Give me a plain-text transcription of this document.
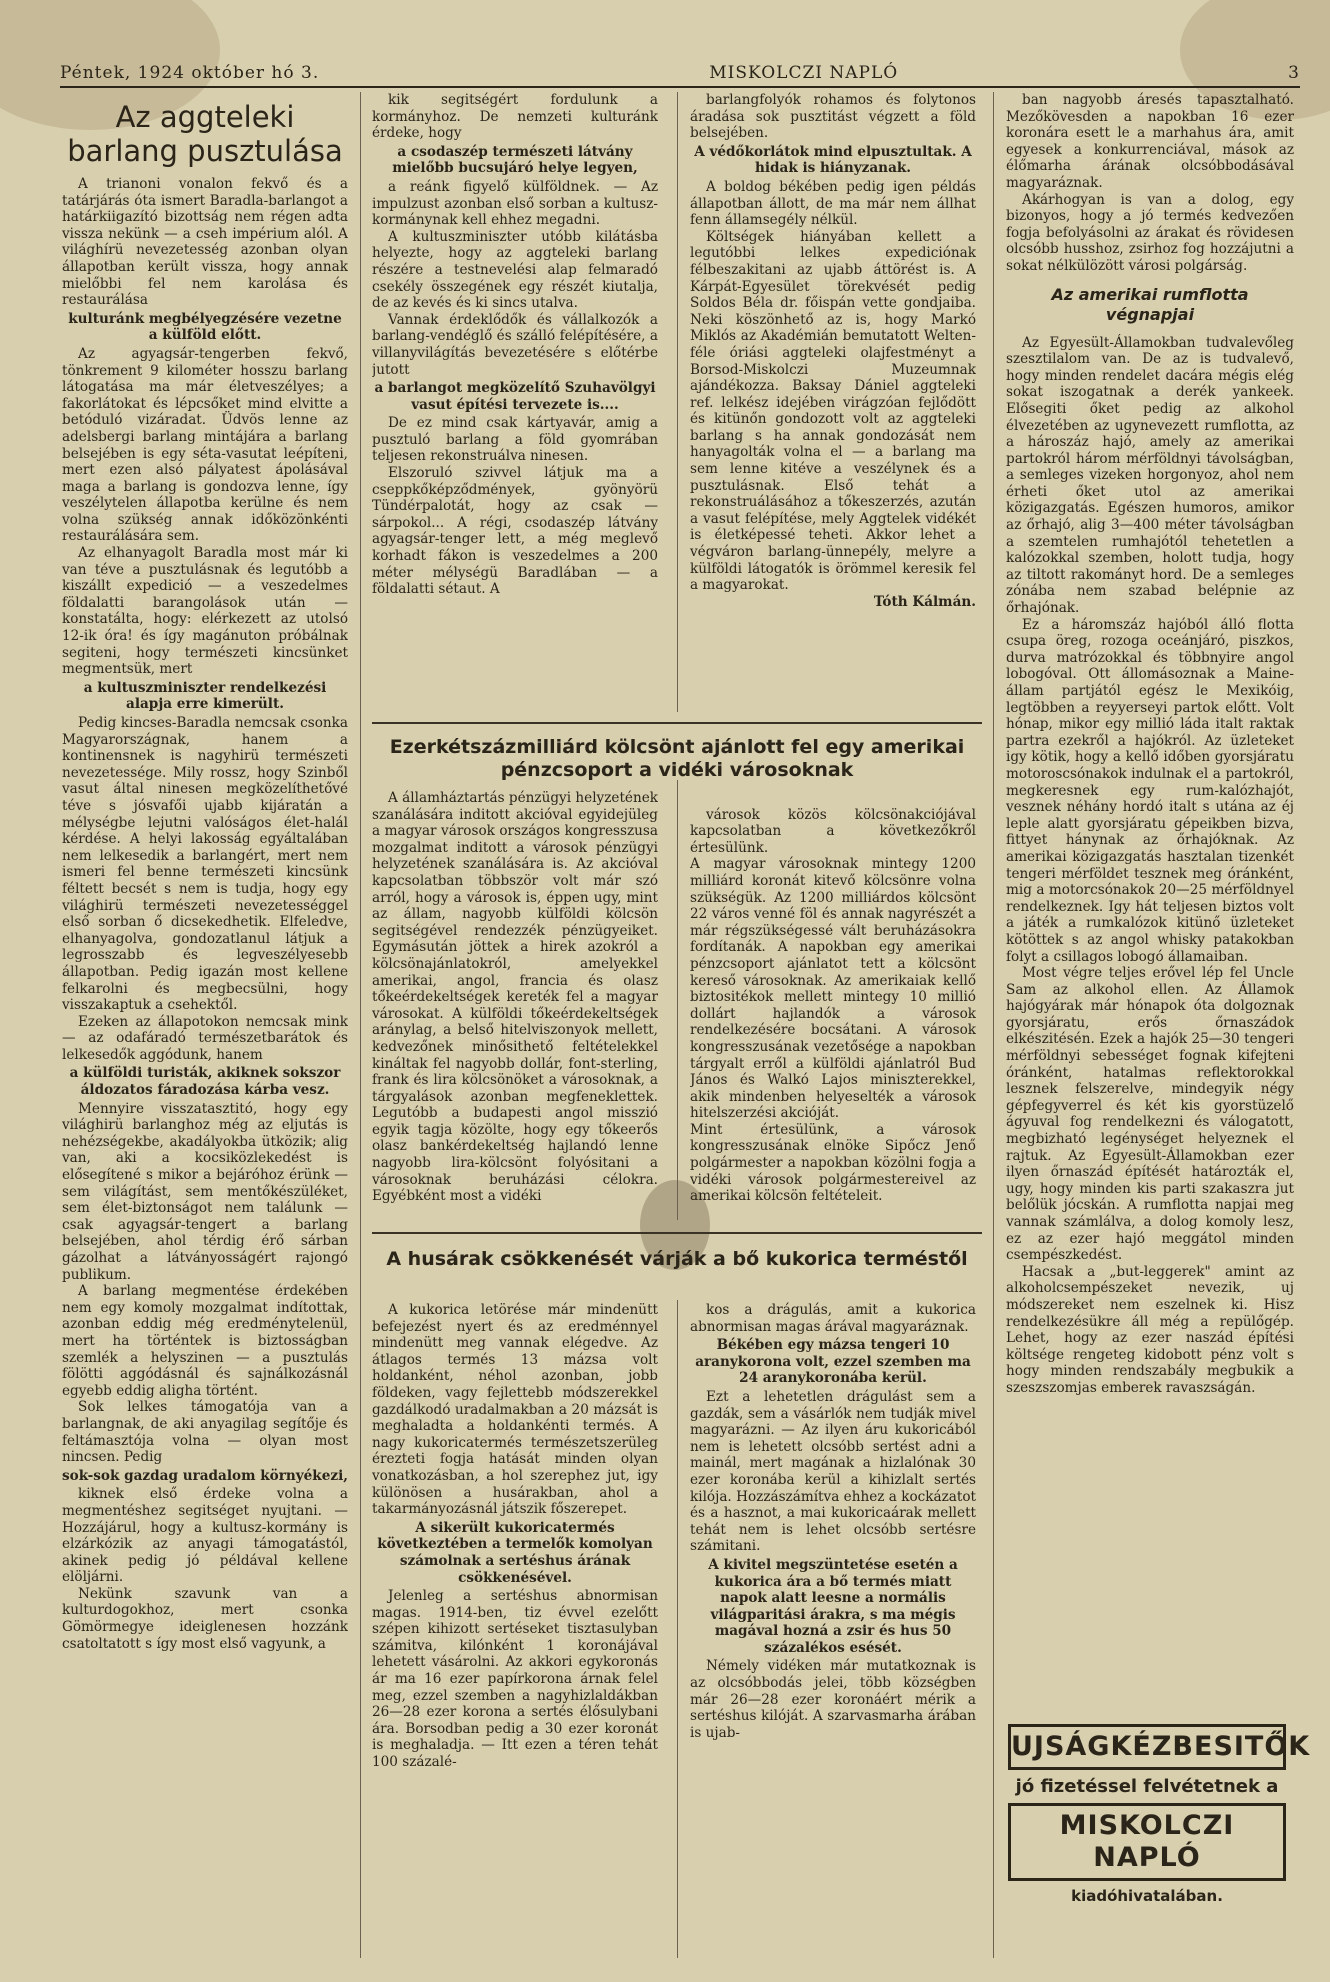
Péntek, 1924 október hó 3.	MISKOLCZI NAPLÓ	3
Az aggteleki barlang pusztulása

A trianoni vonalon fekvő és a tatárjárás óta ismert Baradla-barlangot a határkiigazító bizottság nem régen adta vissza nekünk — a cseh impérium alól. A világhírü nevezetesség azonban olyan állapotban került vissza, hogy annak mielőbbi fel nem karolása és restaurálása

kulturánk megbélyegzésére vezetne a külföld előtt.

Az agyagsár-tengerben fekvő, tönkrement 9 kilométer hosszu barlang látogatása ma már életveszélyes; a fakorlátokat és lépcsőket mind elvitte a betóduló vizáradat. Üdvös lenne az adelsbergi barlang mintájára a barlang belsejében is egy séta-vasutat leépíteni, mert ezen alsó pályatest ápolásával maga a barlang is gondozva lenne, így veszélytelen állapotba kerülne és nem volna szükség annak időközönkénti restaurálására sem.

Az elhanyagolt Baradla most már ki van téve a pusztulásnak és legutóbb a kiszállt expedició — a veszedelmes földalatti barangolások után — konstatálta, hogy: elérkezett az utolsó 12-ik óra! és így magánuton próbálnak segiteni, hogy természeti kincsünket megmentsük, mert

a kultuszminiszter rendelkezési alapja erre kimerült.

Pedig kincses-Baradla nemcsak csonka Magyarországnak, hanem a kontinensnek is nagyhirü természeti nevezetessége. Mily rossz, hogy Szinből vasut által ninesen megközelíthetővé téve s jósvafői ujabb kijáratán a mélységbe lejutni valóságos élet-halál kérdése. A helyi lakosság egyáltalában nem lelkesedik a barlangért, mert nem ismeri fel benne természeti kincsünk féltett becsét s nem is tudja, hogy egy világhirü természeti nevezetességgel első sorban ő dicsekedhetik. Elfeledve, elhanyagolva, gondozatlanul látjuk a legrosszabb és legveszélyesebb állapotban. Pedig igazán most kellene felkarolni és megbecsülni, hogy visszakaptuk a csehektől.

Ezeken az állapotokon nemcsak mink — az odafáradó természetbarátok és lelkesedők aggódunk, hanem

a külföldi turisták, akiknek sokszor áldozatos fáradozása kárba vesz.

Mennyire visszatasztitó, hogy egy világhirü barlanghoz még az eljutás is nehézségekbe, akadályokba ütközik; alig van, aki a kocsiközlekedést is elősegítené s mikor a bejáróhoz érünk — sem világítást, sem mentőkészüléket, sem élet-biztonságot nem találunk — csak agyagsár-tengert a barlang belsejében, ahol térdig érő sárban gázolhat a látványosságért rajongó publikum.

A barlang megmentése érdekében nem egy komoly mozgalmat indítottak, azonban eddig még eredménytelenül, mert ha történtek is biztosságban szemlék a helyszinen — a pusztulás fölötti aggódásnál és sajnálkozásnál egyebb eddig aligha történt.

Sok lelkes támogatója van a barlangnak, de aki anyagilag segítője és feltámasztója volna — olyan most nincsen. Pedig

sok-sok gazdag uradalom környékezi,

kiknek első érdeke volna a megmentéshez segitséget nyujtani. — Hozzájárul, hogy a kultusz-kormány is elzárkózik az anyagi támogatástól, akinek pedig jó példával kellene elöljárni.

Nekünk szavunk van a kulturdogokhoz, mert csonka Gömörmegye ideiglenesen hozzánk csatoltatott s így most első vagyunk, a

kik segitségért fordulunk a kormányhoz. De nemzeti kulturánk érdeke, hogy

a csodaszép természeti látvány mielőbb bucsujáró helye legyen,

a reánk figyelő külföldnek. — Az impulzust azonban első sorban a kultusz-kormánynak kell ehhez megadni.

A kultuszminiszter utóbb kilátásba helyezte, hogy az aggteleki barlang részére a testnevelési alap felmaradó csekély összegének egy részét kiutalja, de az kevés és ki sincs utalva.

Vannak érdeklődők és vállalkozók a barlang-vendéglő és szálló felépítésére, a villanyvilágítás bevezetésére s előtérbe jutott

a barlangot megközelítő Szuhavölgyi vasut építési tervezete is....

De ez mind csak kártyavár, amig a pusztuló barlang a föld gyomrában teljesen rekonstruálva ninesen.

Elszoruló szivvel látjuk ma a cseppkőképződmények, gyönyörü Tündérpalotát, hogy az csak — sárpokol... A régi, csodaszép látvány agyagsár-tenger lett, a még meglevő korhadt fákon is veszedelmes a 200 méter mélységü Baradlában — a földalatti sétaut. A

barlangfolyók rohamos és folytonos áradása sok pusztitást végzett a föld belsejében.

A védőkorlátok mind elpusztultak. A hidak is hiányzanak.

A boldog békében pedig igen példás állapotban állott, de ma már nem állhat fenn államsegély nélkül.

Költségek hiányában kellett a legutóbbi lelkes expediciónak félbeszakitani az ujabb áttörést is. A Kárpát-Egyesület törekvését pedig Soldos Béla dr. főispán vette gondjaiba. Neki köszönhető az is, hogy Markó Miklós az Akadémián bemutatott Welten-féle óriási aggteleki olajfestményt a Borsod-Miskolczi Muzeumnak ajándékozza. Baksay Dániel aggteleki ref. lelkész idejében virágzóan fejlődött és kitünőn gondozott volt az aggteleki barlang s ha annak gondozását nem hanyagolták volna el — a barlang ma sem lenne kitéve a veszélynek és a pusztulásnak. Első tehát a rekonstruálásához a tőkeszerzés, azután a vasut felépítése, mely Aggtelek vidékét is életképessé teheti. Akkor lehet a végváron barlang-ünnepély, melyre a külföldi látogatók is örömmel keresik fel a magyarokat.

Tóth Kálmán.

Ezerkétszázmilliárd kölcsönt ajánlott fel egy amerikai pénzcsoport a vidéki városoknak

A államháztartás pénzügyi helyzetének szanálására inditott akcióval egyidejüleg a magyar városok országos kongresszusa mozgalmat inditott a városok pénzügyi helyzetének szanálására is. Az akcióval kapcsolatban többször volt már szó arról, hogy a városok is, éppen ugy, mint az állam, nagyobb külföldi kölcsön segitségével rendezzék pénzügyeiket. Egymásután jöttek a hirek azokról a kölcsönajánlatokról, amelyekkel amerikai, angol, francia és olasz tőkeérdekeltségek kereték fel a magyar városokat. A külföldi tőkeérdekeltségek aránylag, a belső hitelviszonyok mellett, kedvezőnek minősithető feltételekkel kináltak fel nagyobb dollár, font-sterling, frank és lira kölcsönöket a városoknak, a tárgyalások azonban megfeneklettek. Legutóbb a budapesti angol misszió egyik tagja közölte, hogy egy tőkeerős olasz bankérdekeltség hajlandó lenne nagyobb lira-kölcsönt folyósitani a városoknak beruházási célokra. Egyébként most a vidéki

városok közös kölcsönakciójával kapcsolatban a következőkről értesülünk.
A magyar városoknak mintegy 1200 milliárd koronát kitevő kölcsönre volna szükségük. Az 1200 milliárdos kölcsönt 22 város venné föl és annak nagyrészét a már régszükségessé vált beruházásokra fordítanák. A napokban egy amerikai pénzcsoport ajánlatot tett a kölcsönt kereső városoknak. Az amerikaiak kellő biztositékok mellett mintegy 10 millió dollárt hajlandók a városok rendelkezésére bocsátani. A városok kongresszusának vezetősége a napokban tárgyalt erről a külföldi ajánlatról Bud János és Walkó Lajos miniszterekkel, akik mindenben helyeselték a városok hitelszerzési akcióját.
Mint értesülünk, a városok kongresszusának elnöke Sipőcz Jenő polgármester a napokban közölni fogja a vidéki városok polgármestereivel az amerikai kölcsön feltételeit.

A husárak csökkenését várják a bő kukorica terméstől

A kukorica letörése már mindenütt befejezést nyert és az eredménnyel mindenütt meg vannak elégedve. Az átlagos termés 13 mázsa volt holdanként, néhol azonban, jobb földeken, vagy fejlettebb módszerekkel gazdálkodó uradalmakban a 20 mázsát is meghaladta a holdankénti termés. A nagy kukoricatermés természetszerüleg érezteti fogja hatását minden olyan vonatkozásban, a hol szerephez jut, igy különösen a husárakban, ahol a takarmányozásnál játszik főszerepet.

A sikerült kukoricatermés következtében a termelők komolyan számolnak a sertéshus árának csökkenésével.

Jelenleg a sertéshus abnormisan magas. 1914-ben, tiz évvel ezelőtt szépen kihizott sertéseket tisztasulyban számitva, kilónként 1 koronájával lehetett vásárolni. Az akkori egykoronás ár ma 16 ezer papírkorona árnak felel meg, ezzel szemben a nagyhizlaldákban 26—28 ezer korona a sertés élősulybani ára. Borsodban pedig a 30 ezer koronát is meghaladja. — Itt ezen a téren tehát 100 százalé-

kos a drágulás, amit a kukorica abnormisan magas árával magyaráznak.

Békében egy mázsa tengeri 10 aranykorona volt, ezzel szemben ma 24 aranykoronába kerül.

Ezt a lehetetlen drágulást sem a gazdák, sem a vásárlók nem tudják mivel magyarázni. — Az ilyen áru kukoricából nem is lehetett olcsóbb sertést adni a mainál, mert magának a hizlalónak 30 ezer koronába kerül a kihizlalt sertés kilója. Hozzászámítva ehhez a kockázatot és a hasznot, a mai kukoricaárak mellett tehát nem is lehet olcsóbb sertésre számitani.

A kivitel megszüntetése esetén a kukorica ára a bő termés miatt napok alatt leesne a normális világparitási árakra, s ma mégis magával hozná a zsir és hus 50 százalékos esését.

Némely vidéken már mutatkoznak is az olcsóbbodás jelei, több községben már 26—28 ezer koronáért mérik a sertéshus kilóját. A szarvasmarha árában is ujab-

ban nagyobb áresés tapasztalható. Mezőkövesden a napokban 16 ezer koronára esett le a marhahus ára, amit egyesek a konkurrenciával, mások az élőmarha árának olcsóbbodásával magyaráznak.

Akárhogyan is van a dolog, egy bizonyos, hogy a jó termés kedvezően fogja befolyásolni az árakat és rövidesen olcsóbb husshoz, zsirhoz fog hozzájutni a sokat nélkülözött városi polgárság.

Az amerikai rumflotta végnapjai

Az Egyesült-Államokban tudvalevőleg szesztilalom van. De az is tudvalevő, hogy minden rendelet dacára mégis elég sokat iszogatnak a derék yankeek. Elősegiti őket pedig az alkohol élvezetében az ugynevezett rumflotta, az a hároszáz hajó, amely az amerikai partokról három mérföldnyi távolságban, a semleges vizeken horgonyoz, ahol nem érheti őket utol az amerikai közigazgatás. Egészen humoros, amikor az őrhajó, alig 3—400 méter távolságban a szemtelen rumhajótól tehetetlen a kalózokkal szemben, holott tudja, hogy az tiltott rakományt hord. De a semleges zónába nem szabad belépnie az őrhajónak.

Ez a háromszáz hajóból álló flotta csupa öreg, rozoga oceánjáró, piszkos, durva matrózokkal és többnyire angol lobogóval. Ott állomásoznak a Maine-állam partjától egész le Mexikóig, legtöbben a reyyerseyi partok előtt. Volt hónap, mikor egy millió láda italt raktak partra ezekről a hajókról. Az üzleteket igy kötik, hogy a kellő időben gyorsjáratu motoroscsónakok indulnak el a partokról, megkeresnek egy rum-kalózhajót, vesznek néhány hordó italt s utána az éj leple alatt gyorsjáratu gépeikben bizva, fittyet hánynak az őrhajóknak. Az amerikai közigazgatás hasztalan tizenkét tengeri mérföldet tesznek meg óránként, mig a motorcsónakok 20—25 mérföldnyel rendelkeznek. Igy hát teljesen biztos volt a játék a rumkalózok kitünő üzleteket kötöttek s az angol whisky patakokban folyt a csillagos lobogó államaiban.

Most végre teljes erővel lép fel Uncle Sam az alkohol ellen. Az Államok hajógyárak már hónapok óta dolgoznak gyorsjáratu, erős őrnaszádok elkészitésén. Ezek a hajók 25—30 tengeri mérföldnyi sebességet fognak kifejteni óránként, hatalmas reflektorokkal lesznek felszerelve, mindegyik négy gépfegyverrel és két kis gyorstüzelő ágyuval fog rendelkezni és válogatott, megbizható legénységet helyeznek el rajtuk. Az Egyesült-Államokban ezer ilyen őrnaszád építését határozták el, ugy, hogy minden kis parti szakaszra jut belőlük jócskán. A rumflotta napjai meg vannak számlálva, a dolog komoly lesz, ez az ezer hajó meggátol minden csempészkedést.

Hacsak a „but-leggerek" amint az alkoholcsempészeket nevezik, uj módszereket nem eszelnek ki. Hisz rendelkezésükre áll még a repülőgép. Lehet, hogy az ezer naszád építési költsége rengeteg kidobott pénz volt s hogy minden rendszabály megbukik a szeszszomjas emberek ravaszságán.

UJSÁGKÉZBESITŐK
jó fizetéssel felvétetnek a
MISKOLCZI NAPLÓ
kiadóhivatalában.
